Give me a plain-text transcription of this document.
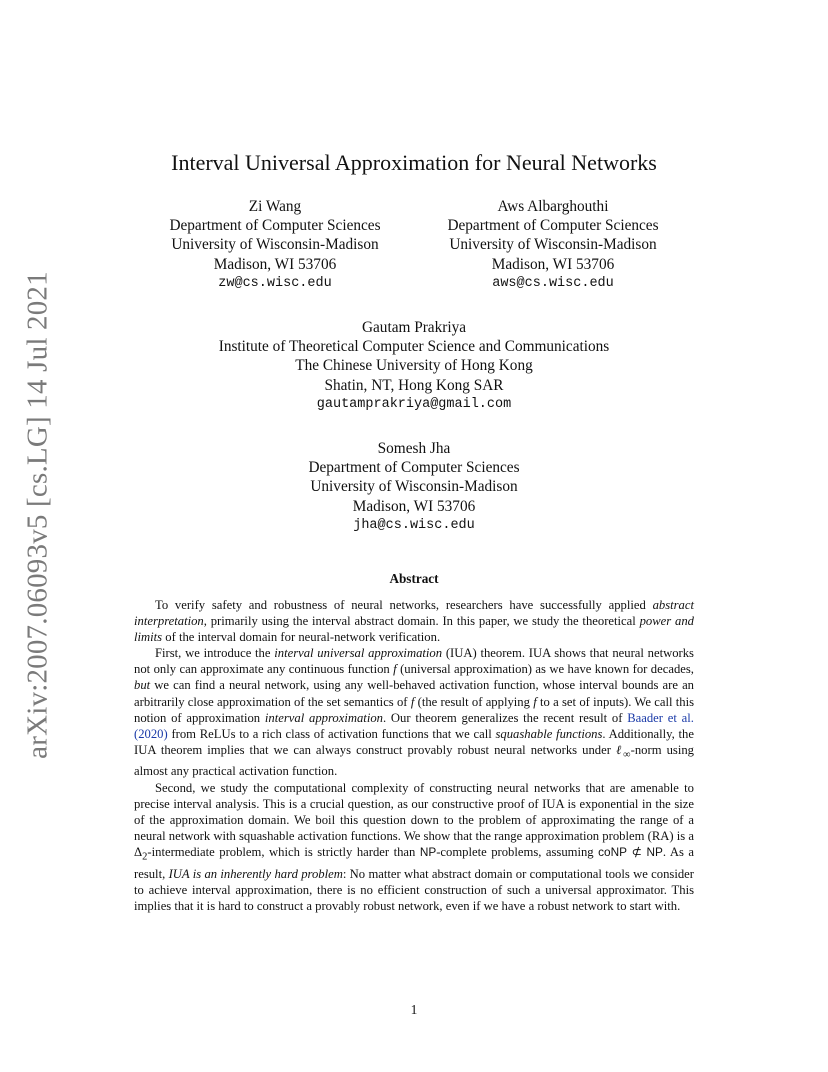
arXiv:2007.06093v5 [cs.LG] 14 Jul 2021
Interval Universal Approximation for Neural Networks
Zi Wang
Department of Computer Sciences
University of Wisconsin-Madison
Madison, WI 53706
zw@cs.wisc.edu
Aws Albarghouthi
Department of Computer Sciences
University of Wisconsin-Madison
Madison, WI 53706
aws@cs.wisc.edu
Gautam Prakriya
Institute of Theoretical Computer Science and Communications
The Chinese University of Hong Kong
Shatin, NT, Hong Kong SAR
gautamprakriya@gmail.com
Somesh Jha
Department of Computer Sciences
University of Wisconsin-Madison
Madison, WI 53706
jha@cs.wisc.edu
Abstract

To verify safety and robustness of neural networks, researchers have successfully applied abstract interpretation, primarily using the interval abstract domain. In this paper, we study the theoretical power and limits of the interval domain for neural-network verification.

First, we introduce the interval universal approximation (IUA) theorem. IUA shows that neural networks not only can approximate any continuous function f (universal approximation) as we have known for decades, but we can find a neural network, using any well-behaved activation function, whose interval bounds are an arbitrarily close approximation of the set semantics of f (the result of applying f to a set of inputs). We call this notion of approximation interval approximation. Our theorem generalizes the recent result of Baader et al. (2020) from ReLUs to a rich class of activation functions that we call squashable functions. Additionally, the IUA theorem implies that we can always construct provably robust neural networks under ℓ$_\infty$-norm using almost any practical activation function.

Second, we study the computational complexity of constructing neural networks that are amenable to precise interval analysis. This is a crucial question, as our constructive proof of IUA is exponential in the size of the approximation domain. We boil this question down to the problem of approximating the range of a neural network with squashable activation functions. We show that the range approximation problem (RA) is a $\Delta_2$-intermediate problem, which is strictly harder than NP-complete problems, assuming coNP ⊄ NP. As a result, IUA is an inherently hard problem: No matter what abstract domain or computational tools we consider to achieve interval approximation, there is no efficient construction of such a universal approximator. This implies that it is hard to construct a provably robust network, even if we have a robust network to start with.

1
